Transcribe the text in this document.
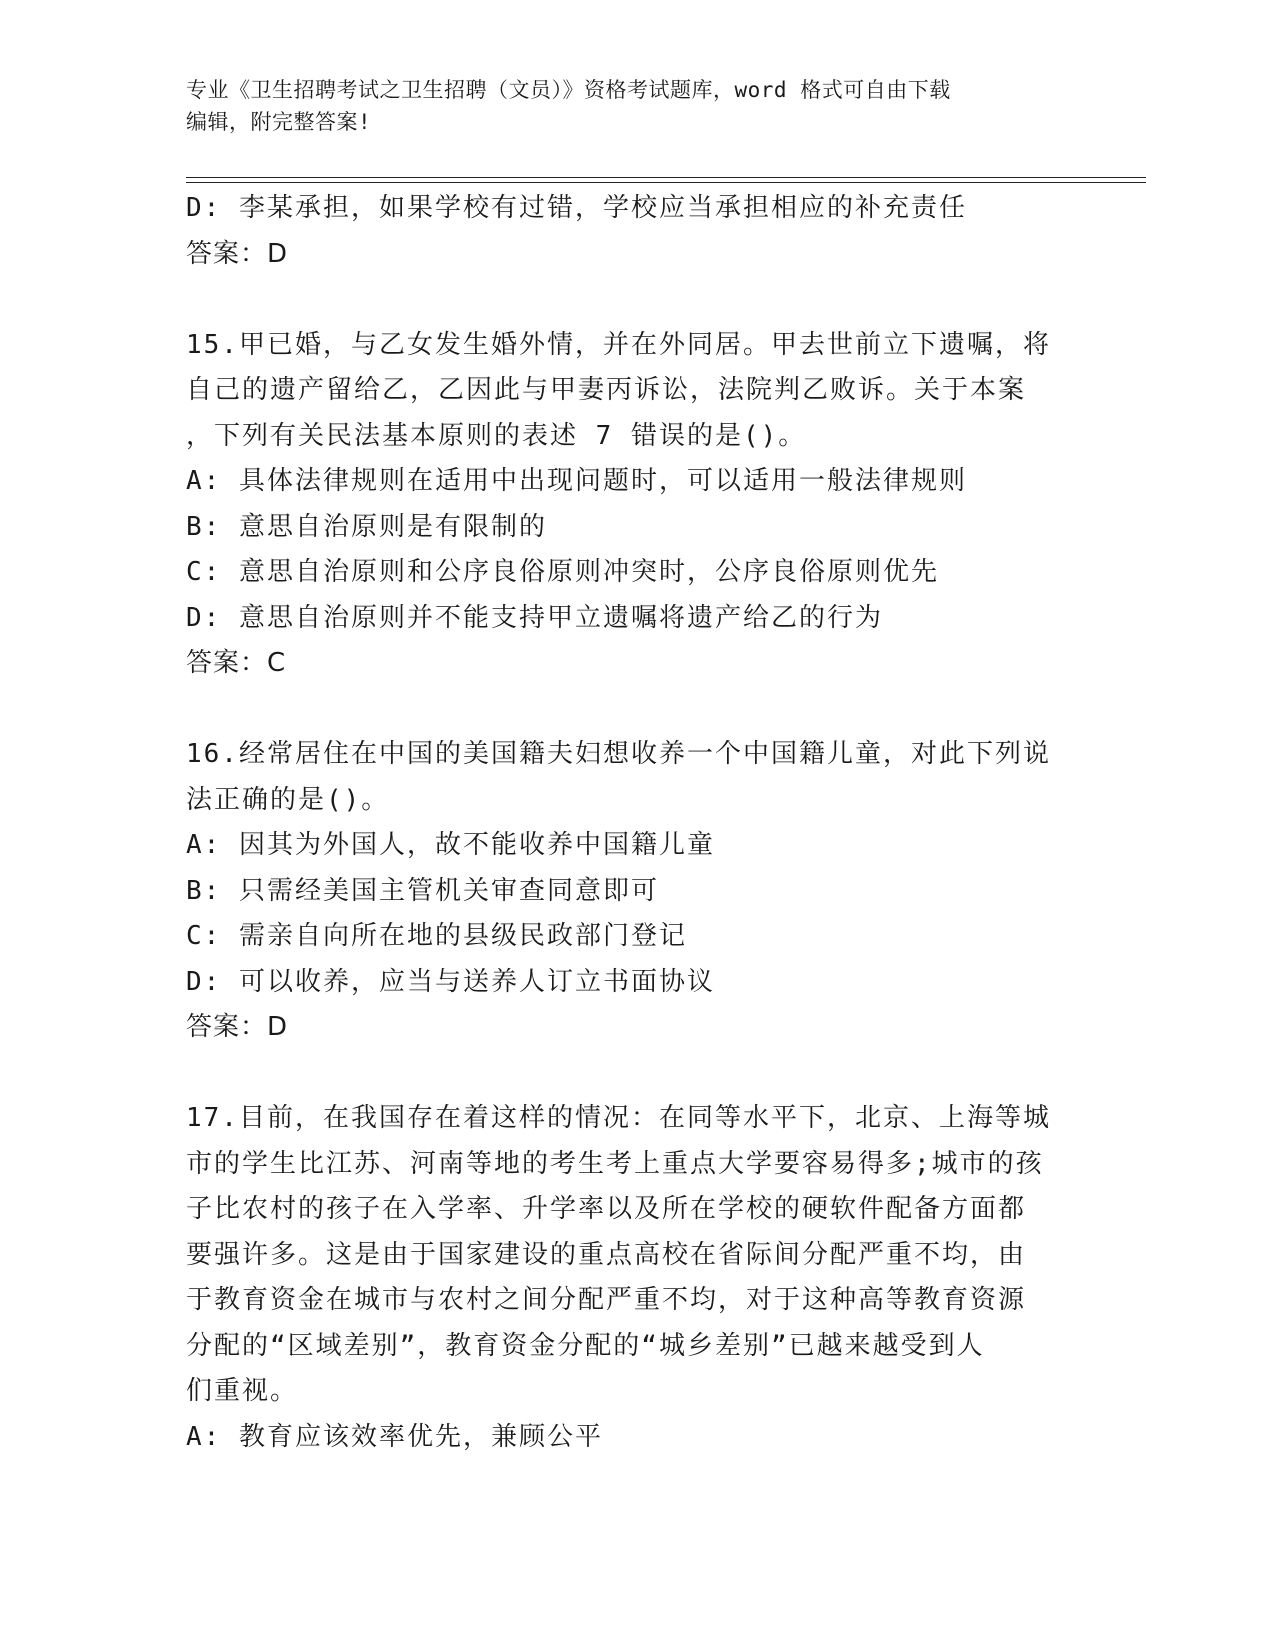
专业《卫生招聘考试之卫生招聘（文员）》资格考试题库，word 格式可自由下载
编辑，附完整答案!
D: 李某承担，如果学校有过错，学校应当承担相应的补充责任
答案：D
15.甲已婚，与乙女发生婚外情，并在外同居。甲去世前立下遗嘱，将
自己的遗产留给乙，乙因此与甲妻丙诉讼，法院判乙败诉。关于本案
，下列有关民法基本原则的表述 7 错误的是()。
A: 具体法律规则在适用中出现问题时，可以适用一般法律规则
B: 意思自治原则是有限制的
C: 意思自治原则和公序良俗原则冲突时，公序良俗原则优先
D: 意思自治原则并不能支持甲立遗嘱将遗产给乙的行为
答案：C
16.经常居住在中国的美国籍夫妇想收养一个中国籍儿童，对此下列说
法正确的是()。
A: 因其为外国人，故不能收养中国籍儿童
B: 只需经美国主管机关审查同意即可
C: 需亲自向所在地的县级民政部门登记
D: 可以收养，应当与送养人订立书面协议
答案：D
17.目前，在我国存在着这样的情况：在同等水平下，北京、上海等城
市的学生比江苏、河南等地的考生考上重点大学要容易得多;城市的孩
子比农村的孩子在入学率、升学率以及所在学校的硬软件配备方面都
要强许多。这是由于国家建设的重点高校在省际间分配严重不均，由
于教育资金在城市与农村之间分配严重不均，对于这种高等教育资源
分配的“区域差别”，教育资金分配的“城乡差别”已越来越受到人
们重视。
A: 教育应该效率优先，兼顾公平
